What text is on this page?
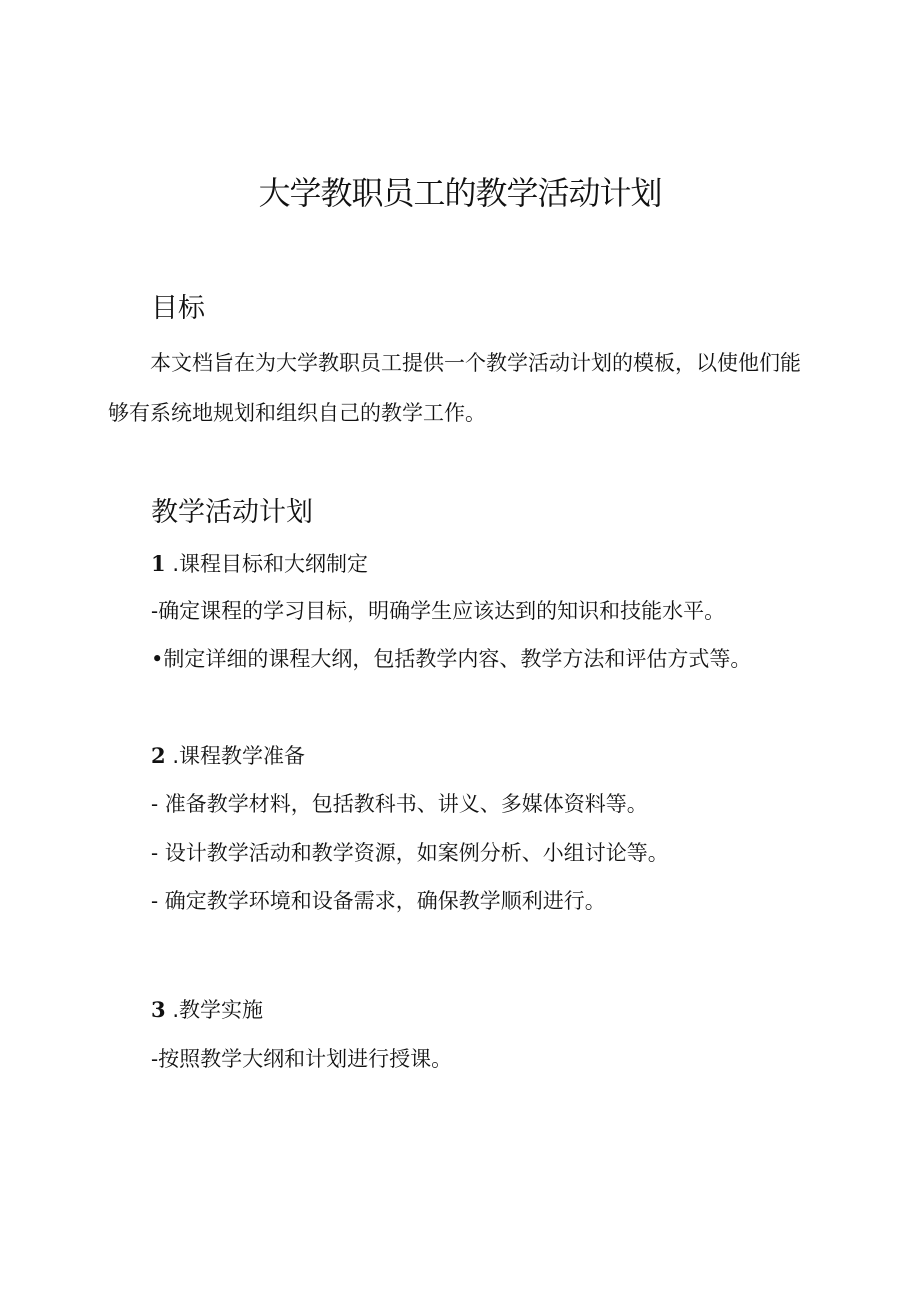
大学教职员工的教学活动计划
目标

本文档旨在为大学教职员工提供一个教学活动计划的模板，以使他们能够有系统地规划和组织自己的教学工作。

教学活动计划
1 .课程目标和大纲制定

-确定课程的学习目标，明确学生应该达到的知识和技能水平。

•制定详细的课程大纲，包括教学内容、教学方法和评估方式等。

2 .课程教学准备

- 准备教学材料，包括教科书、讲义、多媒体资料等。

- 设计教学活动和教学资源，如案例分析、小组讨论等。

- 确定教学环境和设备需求，确保教学顺利进行。

3 .教学实施

-按照教学大纲和计划进行授课。
